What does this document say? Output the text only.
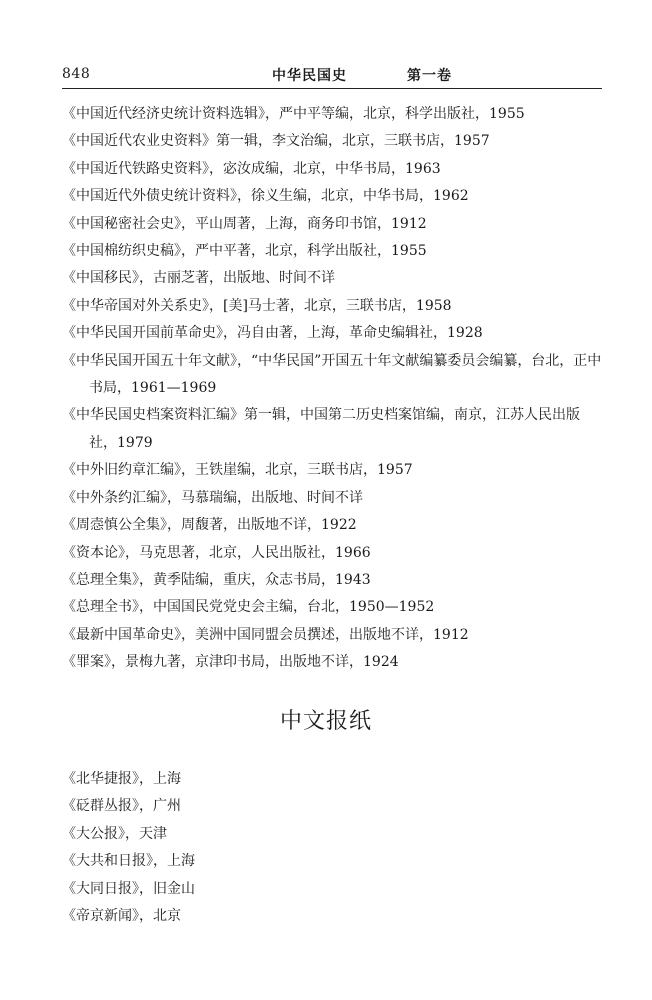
848	中华民国史	第一卷
《中国近代经济史统计资料选辑》，严中平等编，北京，科学出版社，1955
《中国近代农业史资料》第一辑，李文治编，北京，三联书店，1957
《中国近代铁路史资料》，宓汝成编，北京，中华书局，1963
《中国近代外债史统计资料》，徐义生编，北京，中华书局，1962
《中国秘密社会史》，平山周著，上海，商务印书馆，1912
《中国棉纺织史稿》，严中平著，北京，科学出版社，1955
《中国移民》，古丽芝著，出版地、时间不详
《中华帝国对外关系史》，[美]马士著，北京，三联书店，1958
《中华民国开国前革命史》，冯自由著，上海，革命史编辑社，1928
《中华民国开国五十年文献》，“中华民国”开国五十年文献编纂委员会编纂，台北，正中书局，1961—1969
《中华民国史档案资料汇编》第一辑，中国第二历史档案馆编，南京，江苏人民出版社，1979
《中外旧约章汇编》，王铁崖编，北京，三联书店，1957
《中外条约汇编》，马慕瑞编，出版地、时间不详
《周悫慎公全集》，周馥著，出版地不详，1922
《资本论》，马克思著，北京，人民出版社，1966
《总理全集》，黄季陆编，重庆，众志书局，1943
《总理全书》，中国国民党党史会主编，台北，1950—1952
《最新中国革命史》，美洲中国同盟会员撰述，出版地不详，1912
《罪案》，景梅九著，京津印书局，出版地不详，1924
中文报纸
《北华捷报》，上海
《砭群丛报》，广州
《大公报》，天津
《大共和日报》，上海
《大同日报》，旧金山
《帝京新闻》，北京
